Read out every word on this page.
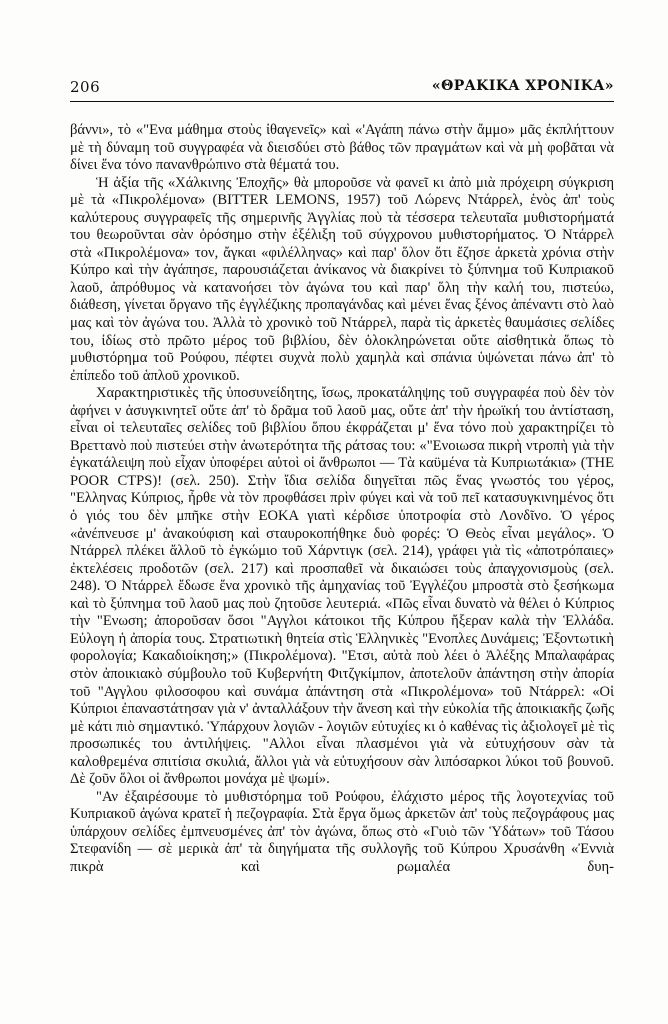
206	«ΘΡΑΚΙΚΑ ΧΡΟΝΙΚΑ»

βάννι», τὸ «"Ενα μάθημα στοὺς ἰθαγενεῖς» καὶ «'Αγάπη πάνω στὴν ἄμμο» μᾶς ἐκπλήττουν μὲ τὴ δύναμη τοῦ συγγραφέα νὰ διεισδύει στὸ βάθος τῶν πραγμάτων καὶ νὰ μὴ φοβᾶται νὰ δίνει ἕνα τόνο πανανθρώπινο στὰ θέματά του.

Ἡ ἀξία τῆς «Χάλκινης Ἐποχῆς» θὰ μποροῦσε νὰ φανεῖ κι ἀπὸ μιὰ πρόχειρη σύγκριση μὲ τὰ «Πικρολέμονα» (BITTER LEMONS, 1957) τοῦ Λώρενς Ντάρρελ, ἑνὸς ἀπ' τοὺς καλύτερους συγγραφεῖς τῆς σημερινῆς Ἀγγλίας ποὺ τὰ τέσσερα τελευταῖα μυθιστορήματά του θεωροῦνται σὰν ὀρόσημο στὴν ἐξέλιξη τοῦ σύγχρονου μυθιστορήματος. Ὁ Ντάρρελ στὰ «Πικρολέμονα» τον, ἄγκαι «φιλέλληνας» καὶ παρ' ὅλον ὅτι ἔζησε ἀρκετὰ χρόνια στὴν Κύπρο καὶ τὴν ἀγάπησε, παρουσιάζεται ἀνίκανος νὰ διακρίνει τὸ ξύπνημα τοῦ Κυπριακοῦ λαοῦ, ἀπρόθυμος νὰ κατανοήσει τὸν ἀγώνα του καὶ παρ' ὅλη τὴν καλή του, πιστεύω, διάθεση, γίνεται ὄργανο τῆς ἐγγλέζικης προπαγάνδας καὶ μένει ἕνας ξένος ἀπέναντι στὸ λαὸ μας καὶ τὸν ἀγώνα του. Ἀλλὰ τὸ χρονικὸ τοῦ Ντάρρελ, παρὰ τὶς ἀρκετὲς θαυμάσιες σελίδες του, ἰδίως στὸ πρῶτο μέρος τοῦ βιβλίου, δὲν ὁλοκληρώνεται οὔτε αἰσθητικὰ ὅπως τὸ μυθιστόρημα τοῦ Ρούφου, πέφτει συχνὰ πολὺ χαμηλὰ καὶ σπάνια ὑψώνεται πάνω ἀπ' τὸ ἐπίπεδο τοῦ ἁπλοῦ χρονικοῦ.

Χαρακτηριστικὲς τῆς ὑποσυνείδητης, ἴσως, προκατάληψης τοῦ συγγραφέα ποὺ δὲν τὸν ἀφήνει ν ἀσυγκινητεῖ οὔτε ἀπ' τὸ δρᾶμα τοῦ λαοῦ μας, οὔτε ἀπ' τὴν ἡρωϊκή του ἀντίσταση, εἶναι οἱ τελευταῖες σελίδες τοῦ βιβλίου ὅπου ἐκφράζεται μ' ἕνα τόνο ποὺ χαρακτηρίζει τὸ Βρεττανὸ ποὺ πιστεύει στὴν ἀνωτερότητα τῆς ράτσας του: «"Ενοιωσα πικρὴ ντροπὴ γιὰ τὴν ἐγκατάλειψη ποὺ εἶχαν ὑποφέρει αὐτοὶ οἱ ἄνθρωποι — Τὰ καϋμένα τὰ Κυπριωτάκια» (THE POOR CTPS)! (σελ. 250). Στὴν ἴδια σελίδα διηγεῖται πῶς ἕνας γνωστός του γέρος, "Ελληνας Κύπριος, ἦρθε νὰ τὸν προφθάσει πρὶν φύγει καὶ νὰ τοῦ πεῖ κατασυγκινημένος ὅτι ὁ γιός του δὲν μπῆκε στὴν ΕΟΚΑ γιατὶ κέρδισε ὑποτροφία στὸ Λονδῖνο. Ὁ γέρος «ἀνέπνευσε μ' ἀνακούφιση καὶ σταυροκοπήθηκε δυὸ φορές: Ὁ Θεὸς εἶναι μεγάλος». Ὁ Ντάρρελ πλέκει ἄλλοῦ τὸ ἐγκώμιο τοῦ Χάρντιγκ (σελ. 214), γράφει γιὰ τὶς «ἀποτρόπαιες» ἐκτελέσεις προδοτῶν (σελ. 217) καὶ προσπαθεῖ νὰ δικαιώσει τοὺς ἀπαγχονισμοὺς (σελ. 248). Ὁ Ντάρρελ ἔδωσε ἕνα χρονικὸ τῆς ἀμηχανίας τοῦ Ἐγγλέζου μπροστὰ στὸ ξεσήκωμα καὶ τὸ ξύπνημα τοῦ λαοῦ μας ποὺ ζητοῦσε λευτεριά. «Πῶς εἶναι δυνατὸ νὰ θέλει ὁ Κύπριος τὴν "Ενωση; ἀποροῦσαν ὅσοι "Αγγλοι κάτοικοι τῆς Κύπρου ἤξεραν καλὰ τὴν Ἑλλάδα. Εὐλογη ἡ ἀπορία τους. Στρατιωτικὴ θητεία στὶς Ἑλληνικὲς "Ενοπλες Δυνάμεις; Ἐξοντωτικὴ φορολογία; Κακαδιοίκηση;» (Πικρολέμονα). "Ετσι, αὐτὰ ποὺ λέει ὁ Ἀλέξης Μπαλαφάρας στὸν ἀποικιακὸ σύμβουλο τοῦ Κυβερνήτη Φιτζγκίμπον, ἀποτελοῦν ἀπάντηση στὴν ἀπορία τοῦ "Αγγλου φιλοσοφου καὶ συνάμα ἀπάντηση στὰ «Πικρολέμονα» τοῦ Ντάρρελ: «Οἱ Κύπριοι ἐπαναστάτησαν γιὰ ν' ἀνταλλάξουν τὴν ἄνεση καὶ τὴν εὐκολία τῆς ἀποικιακῆς ζωῆς μὲ κάτι πιὸ σημαντικό. Ὑπάρχουν λογιῶν - λογιῶν εὐτυχίες κι ὁ καθένας τὶς ἀξιολογεῖ μὲ τὶς προσωπικές του ἀντιλήψεις. "Αλλοι εἶναι πλασμένοι γιὰ νὰ εὐτυχήσουν σὰν τὰ καλοθρεμένα σπιτίσια σκυλιά, ἄλλοι γιὰ νὰ εὐτυχήσουν σὰν λιπόσαρκοι λύκοι τοῦ βουνοῦ. Δὲ ζοῦν ὅλοι οἱ ἄνθρωποι μονάχα μὲ ψωμί».

"Αν ἐξαιρέσουμε τὸ μυθιστόρημα τοῦ Ρούφου, ἐλάχιστο μέρος τῆς λογοτεχνίας τοῦ Κυπριακοῦ ἀγώνα κρατεῖ ἡ πεζογραφία. Στὰ ἔργα ὅμως ἀρκετῶν ἀπ' τοὺς πεζογράφους μας ὑπάρχουν σελίδες ἐμπνευσμένες ἀπ' τὸν ἀγώνα, ὅπως στὸ «Γυιὸ τῶν Ὑδάτων» τοῦ Τάσου Στεφανίδη — σὲ μερικὰ ἀπ' τὰ διηγήματα τῆς συλλογῆς τοῦ Κύπρου Χρυσάνθη «Ἐννιὰ πικρὰ καὶ ρωμαλέα δυη-
